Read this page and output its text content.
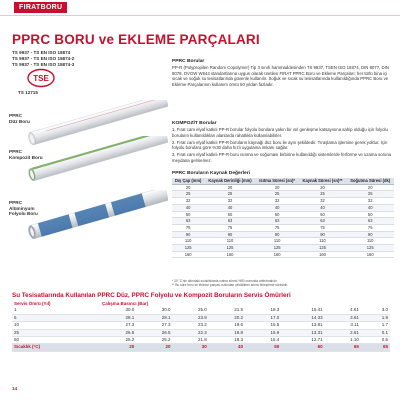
FIRATBORU
PPRC BORU ve EKLEME PARÇALARI
TS 9937 - TS EN ISO 15874
TS 9937 - TS EN ISO 15874-2
TS 9937 - TS EN ISO 15874-3
TSE
TS 12715
PPRC
Düz Boru
PPRC
Kompozit Boru
PPRC
Alüminyum
Folyolu Boru
PPRC Borular

PP-R (Polypropilen Random Copolymer) Tip 3 sınıfı hammaddesinden TS 9937, TSEN ISO 15874, DIN 8077, DIN 8078, DVGW W544 standartlarına uygun olarak üretilen FIRAT PPRC Boru ve Ekleme Parçaları; her türlü bina içi sıcak ve soğuk su tesisatlarında güvenle kullanılır. Soğuk ve sıcak su tesisatlarında kullanıldığında PPRC Boru ve Ekleme Parçalarının kullanım ömrü 50 yıldan fazladır.

KOMPOZİT Borular

1. Fırat cam elyaf katkılı PP-R borular folyolu borulara yakın bir ısıl genleşme katsayısına sahip olduğu için folyolu boruların kullanıldıkları alanlarda rahatlıkla kullanılabilirler.

2. Fırat cam elyaf katkılı PP-R boruların kaynağı düz boru ile aynı şekildedir. Tıraşlama işlemine gerek yoktur. İçin folyolu borulara göre %30 daha hızlı uygulama imkanı sağlar.

3. Fırat cam elyaf katkılı PP-R boru ısınma ve soğuması birbirine kullanıldığı sistemlerde ferforme ve uzama sorunu meydana gelmemez.

PPRC Boruların Kaynak Değerleri
Dış Çap (mm)	Kaynak Derinliği (mm)	Isıtma Süresi (sn)*	Kaynak Süresi (sn)**	Soğutma Süresi (dk)
20	20	20	20	20
25	25	25	25	25
32	32	32	32	32
40	40	40	40	40
50	50	50	50	50
63	63	63	63	63
75	75	75	75	75
90	90	90	90	90
110	110	110	110	110
125	125	125	125	125
160	160	160	160	160
* 20 °C'nin altındaki sıcaklıklarda ısıtma süresi %50 oranında arttırılmalıdır.
** Bu süre boru ve ekleme parçası ısıtıcıdan çekildikten sonra birleştirme süresidir.
Su Tesisatlarında Kullanılan PPRC Düz, PPRC Folyolu ve Kompozit Boruların Servis Ömürleri
Servis Ömrü (Yıl)	Çalışma Basıncı (Bar)							
1	30.0	30.0	25.0	21.5	18.3	15.41	4.61	3.0
5	28.1	28.1	23.9	20.2	17.0	14.33	3.61	1.9
10	27.3	27.3	23.2	19.6	16.5	13.81	3.11	1.7
25	26.5	26.5	22.3	18.8	15.9	13.31	2.61	0.1
50	25.2	25.2	21.8	18.3	15.4	12.71	1.10	0.5
Sıcaklık (°C)	20	20	30	40	50	60	65	65
14
